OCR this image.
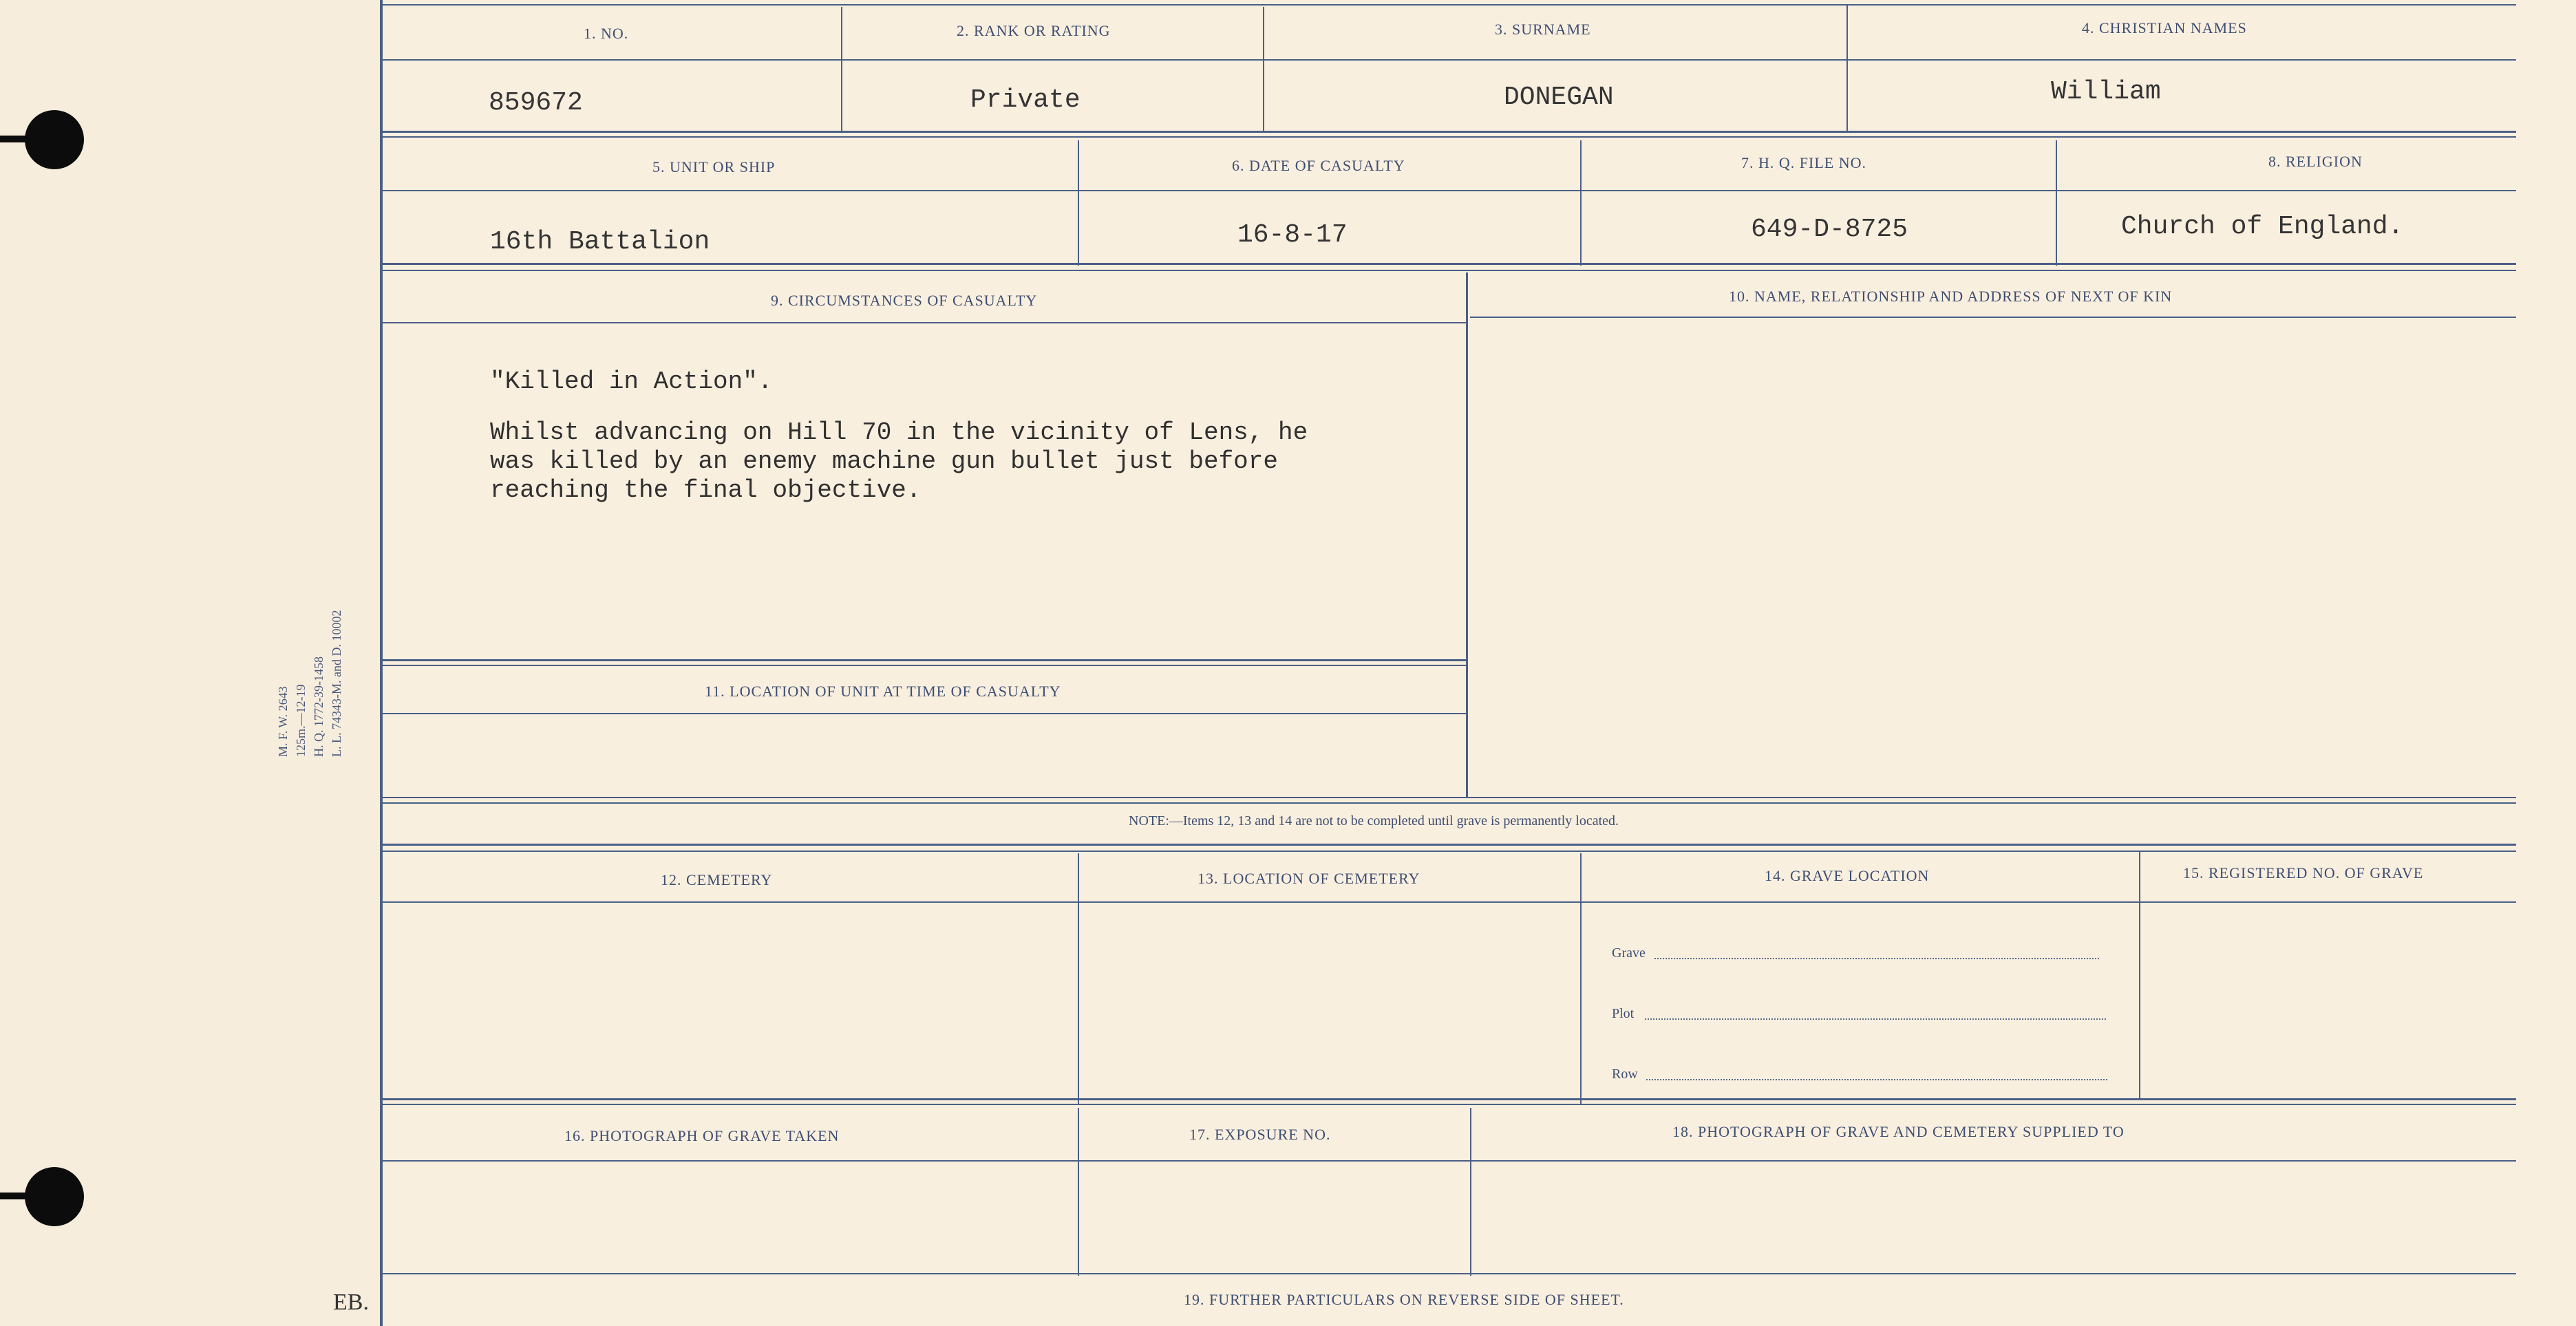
M. F. W. 2643 125m.—12-19 H. Q. 1772-39-1458 L. L. 74343-M. and D. 10002
EB.
1. NO.
859672
2. RANK OR RATING
Private
3. SURNAME
DONEGAN
4. CHRISTIAN NAMES
William
5. UNIT OR SHIP
16th Battalion
6. DATE OF CASUALTY
16-8-17
7. H. Q. FILE NO.
649-D-8725
8. RELIGION
Church of England.
9. CIRCUMSTANCES OF CASUALTY
"Killed in Action".
Whilst advancing on Hill 70 in the vicinity of Lens, he
was killed by an enemy machine gun bullet just before
reaching the final objective.
10. NAME, RELATIONSHIP AND ADDRESS OF NEXT OF KIN
11. LOCATION OF UNIT AT TIME OF CASUALTY
NOTE:—Items 12, 13 and 14 are not to be completed until grave is permanently located.
12. CEMETERY	13. LOCATION OF CEMETERY	14. GRAVE LOCATION	15. REGISTERED NO. OF GRAVE
Grave
Plot
Row
16. PHOTOGRAPH OF GRAVE TAKEN	17. EXPOSURE NO.	18. PHOTOGRAPH OF GRAVE AND CEMETERY SUPPLIED TO
19. FURTHER PARTICULARS ON REVERSE SIDE OF SHEET.
